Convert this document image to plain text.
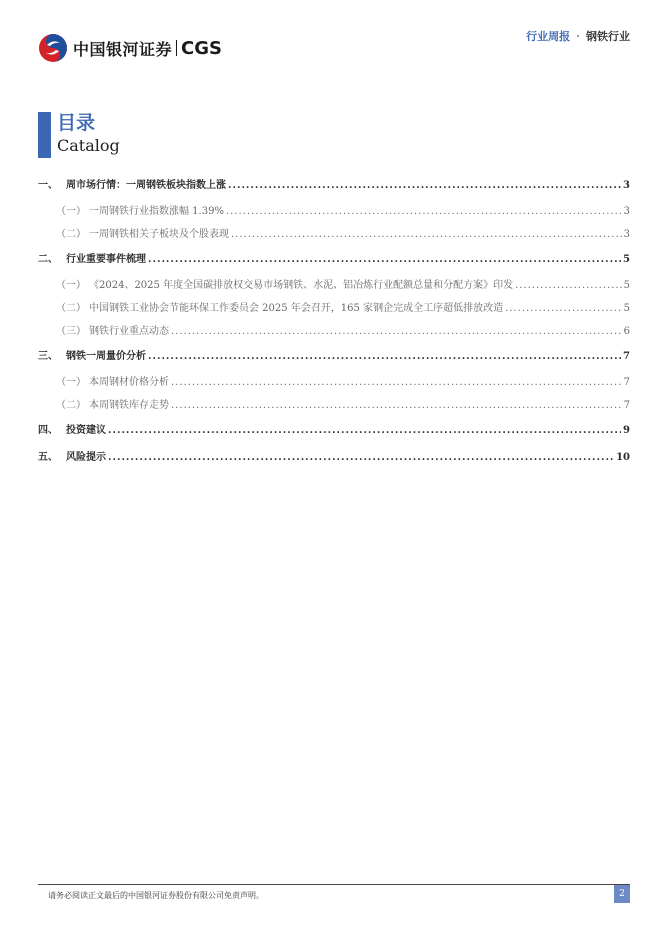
中国银河证券 CGS
行业周报 · 钢铁行业
目录
Catalog
一、 周市场行情：一周钢铁板块指数上涨 .....	3
（一） 一周钢铁行业指数涨幅 1.39% .....	3
（二） 一周钢铁相关子板块及个股表现 .....	3
二、 行业重要事件梳理 .....	5
（一） 《2024、2025 年度全国碳排放权交易市场钢铁、水泥、铝冶炼行业配额总量和分配方案》印发 .....	5
（二） 中国钢铁工业协会节能环保工作委员会 2025 年会召开，165 家钢企完成全工序超低排放改造 .....	5
（三） 钢铁行业重点动态 .....	6
三、 钢铁一周量价分析 .....	7
（一） 本周钢材价格分析 .....	7
（二） 本周钢铁库存走势 .....	7
四、 投资建议 .....	9
五、 风险提示 .....	10
请务必阅读正文最后的中国银河证券股份有限公司免责声明。	2
